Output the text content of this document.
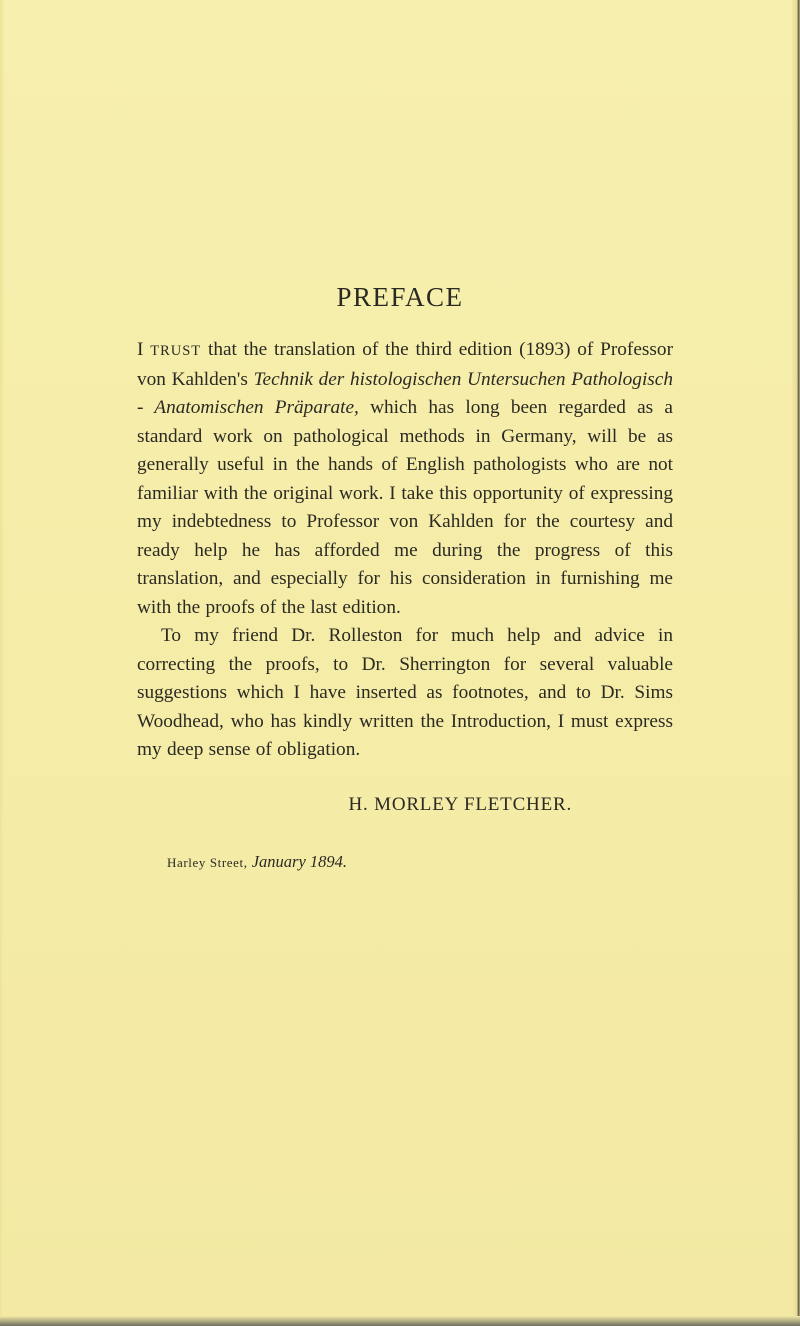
PREFACE

I TRUST that the translation of the third edition (1893) of Professor von Kahlden's Technik der histologischen Untersuchen Pathologisch - Anatomischen Präparate, which has long been regarded as a standard work on pathological methods in Germany, will be as generally useful in the hands of English pathologists who are not familiar with the original work. I take this opportunity of expressing my indebtedness to Professor von Kahlden for the courtesy and ready help he has afforded me during the progress of this translation, and especially for his consideration in furnishing me with the proofs of the last edition.

To my friend Dr. Rolleston for much help and advice in correcting the proofs, to Dr. Sherrington for several valuable suggestions which I have inserted as footnotes, and to Dr. Sims Woodhead, who has kindly written the Introduction, I must express my deep sense of obligation.

H. MORLEY FLETCHER.
Harley Street, January 1894.
